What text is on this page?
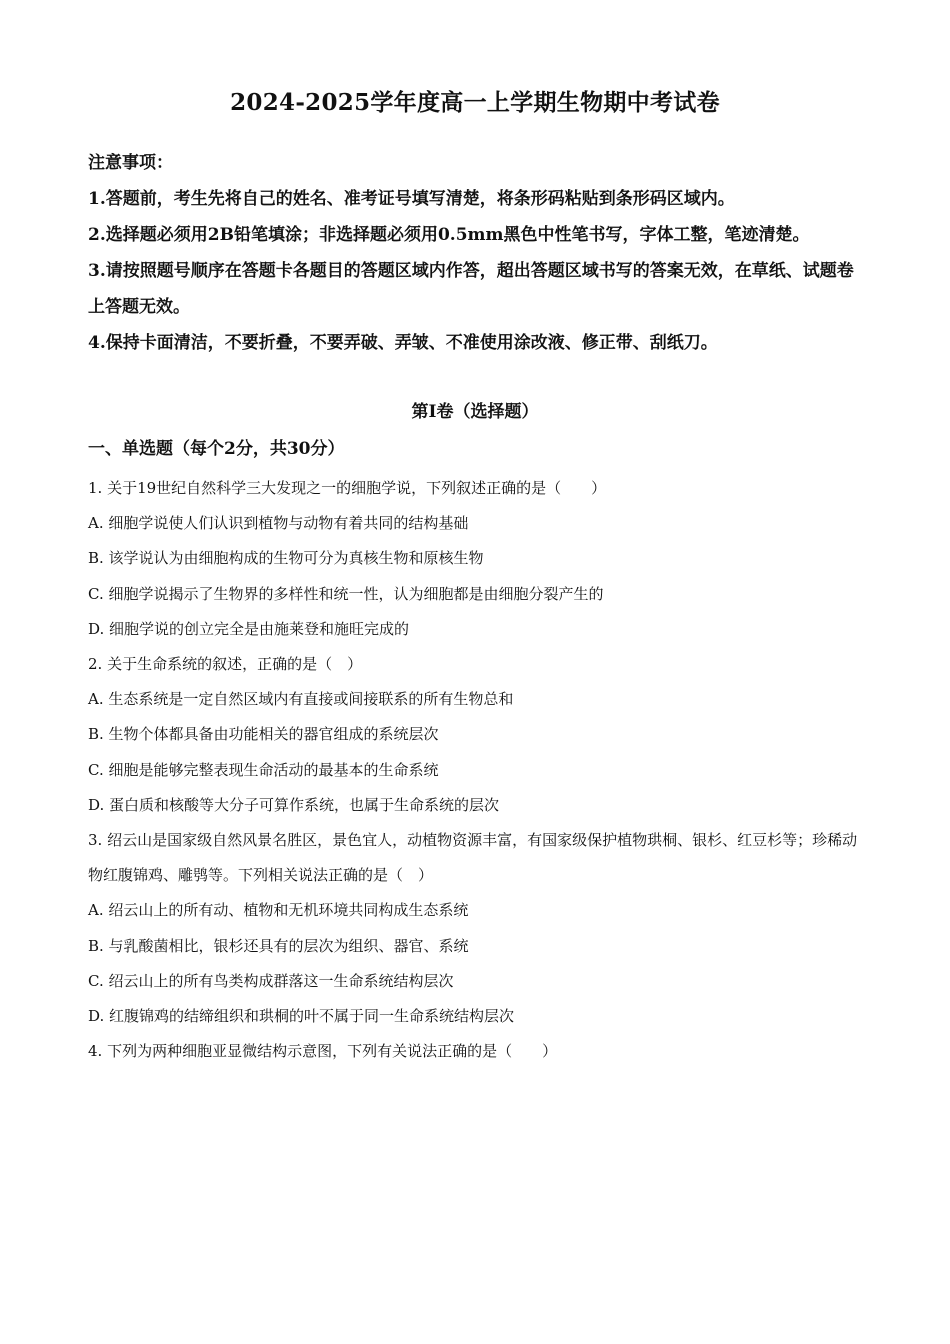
2024-2025学年度高一上学期生物期中考试卷

注意事项：

1.答题前，考生先将自己的姓名、准考证号填写清楚，将条形码粘贴到条形码区域内。

2.选择题必须用2B铅笔填涂；非选择题必须用0.5mm黑色中性笔书写，字体工整，笔迹清楚。

3.请按照题号顺序在答题卡各题目的答题区域内作答，超出答题区域书写的答案无效，在草纸、试题卷上答题无效。

4.保持卡面清洁，不要折叠，不要弄破、弄皱、不准使用涂改液、修正带、刮纸刀。

第I卷（选择题）
一、单选题（每个2分，共30分）

1. 关于19世纪自然科学三大发现之一的细胞学说，下列叙述正确的是（　　）

A. 细胞学说使人们认识到植物与动物有着共同的结构基础

B. 该学说认为由细胞构成的生物可分为真核生物和原核生物

C. 细胞学说揭示了生物界的多样性和统一性，认为细胞都是由细胞分裂产生的

D. 细胞学说的创立完全是由施莱登和施旺完成的

2. 关于生命系统的叙述，正确的是（　）

A. 生态系统是一定自然区域内有直接或间接联系的所有生物总和

B. 生物个体都具备由功能相关的器官组成的系统层次

C. 细胞是能够完整表现生命活动的最基本的生命系统

D. 蛋白质和核酸等大分子可算作系统，也属于生命系统的层次

3. 绍云山是国家级自然风景名胜区，景色宜人，动植物资源丰富，有国家级保护植物珙桐、银杉、红豆杉等；珍稀动物红腹锦鸡、雕鸮等。下列相关说法正确的是（　）

A. 绍云山上的所有动、植物和无机环境共同构成生态系统

B. 与乳酸菌相比，银杉还具有的层次为组织、器官、系统

C. 绍云山上的所有鸟类构成群落这一生命系统结构层次

D. 红腹锦鸡的结缔组织和珙桐的叶不属于同一生命系统结构层次

4. 下列为两种细胞亚显微结构示意图，下列有关说法正确的是（　　）
